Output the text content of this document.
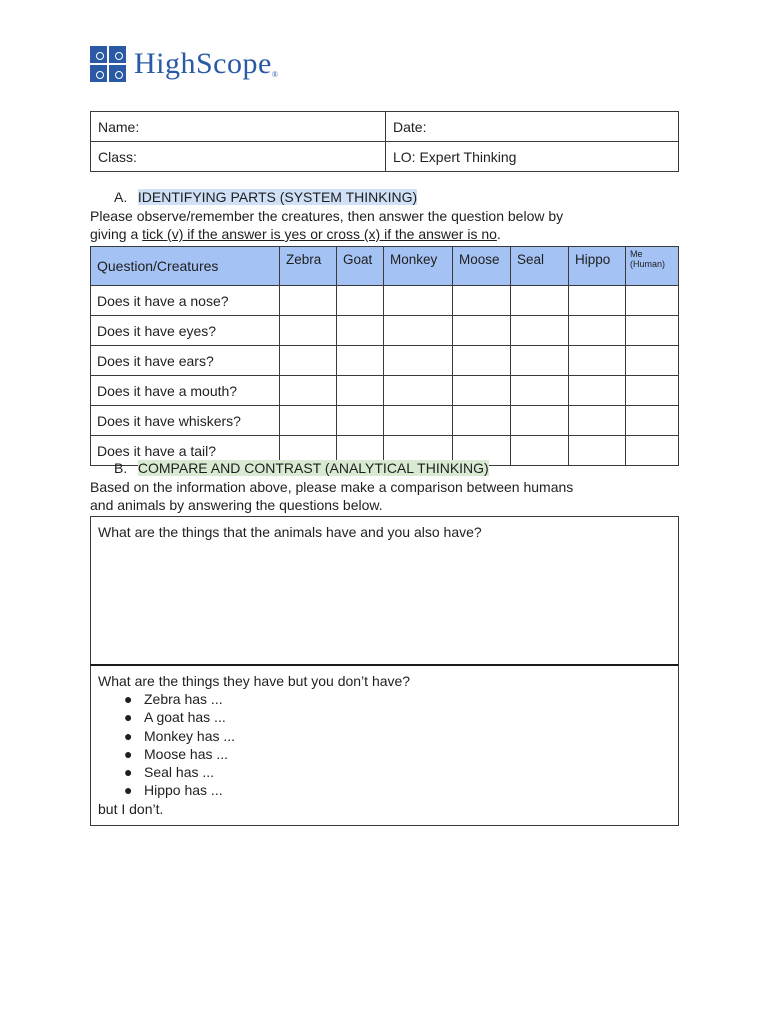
HighScope®
Name:	Date:
Class:	LO: Expert Thinking
A. IDENTIFYING PARTS (SYSTEM THINKING)
Please observe/remember the creatures, then answer the question below by
giving a tick (v) if the answer is yes or cross (x) if the answer is no.
Question/Creatures	Zebra	Goat	Monkey	Moose	Seal	Hippo	Me
(Human)

Does it have a nose?							
Does it have eyes?							
Does it have ears?							
Does it have a mouth?							
Does it have whiskers?							
Does it have a tail?							
B. COMPARE AND CONTRAST (ANALYTICAL THINKING)
Based on the information above, please make a comparison between humans
and animals by answering the questions below.
What are the things that the animals have and you also have?
What are the things they have but you don’t have?
● Zebra has ...
● A goat has ...
● Monkey has ...
● Moose has ...
● Seal has ...
● Hippo has ...
but I don’t.
